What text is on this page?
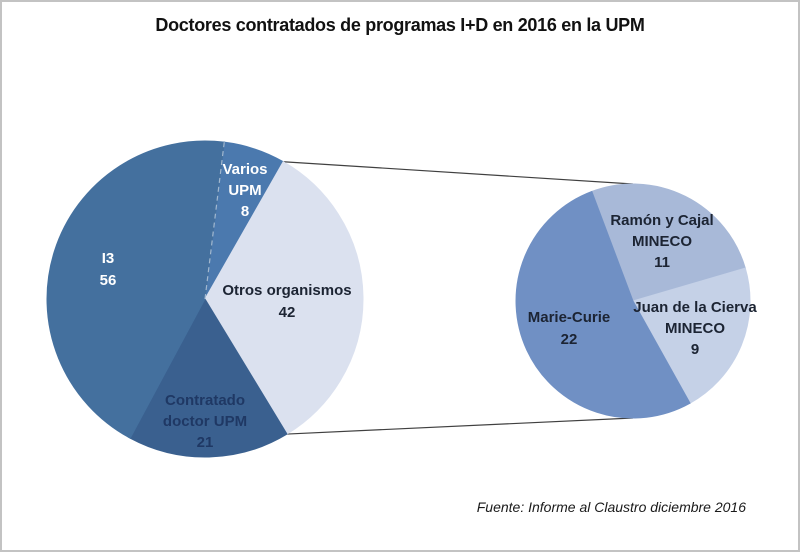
Doctores contratados de programas I+D en 2016 en la UPM
Varios UPM 8
Otros organismos 42
Contratado doctor UPM 21
I3 56
Ramón y Cajal MINECO 11
Juan de la Cierva MINECO 9
Marie-Curie 22
Fuente: Informe al Claustro diciembre 2016
